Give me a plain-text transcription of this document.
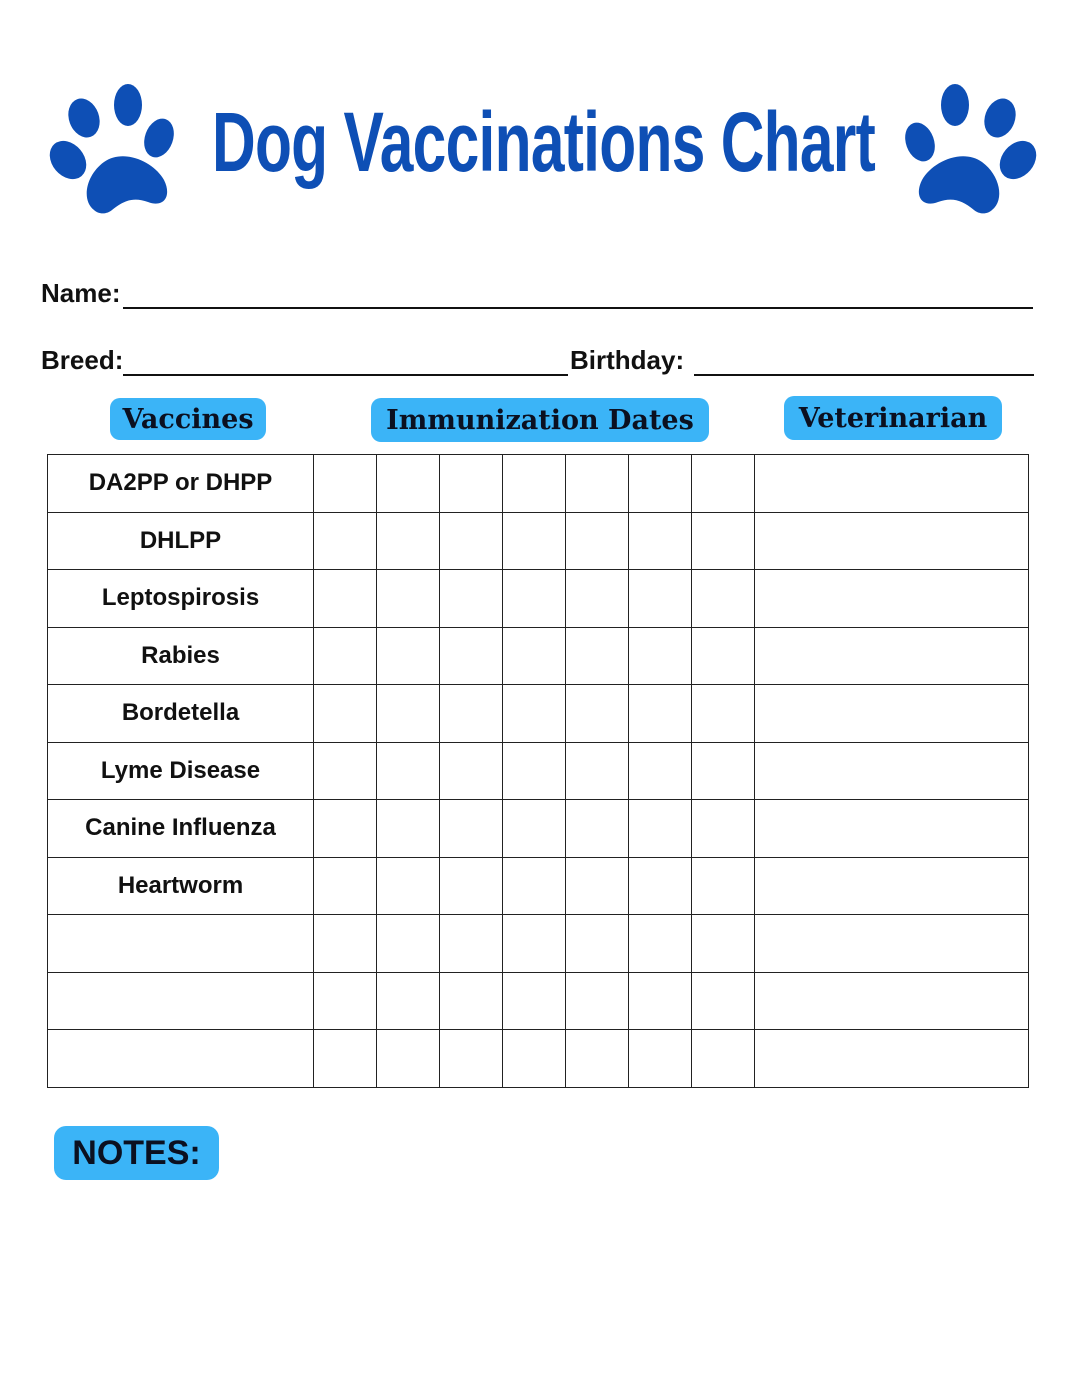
Dog Vaccinations Chart
Name:
Breed:	Birthday:
Vaccines	Immunization Dates	Veterinarian
DA2PP or DHPP								
DHLPP								
Leptospirosis								
Rabies								
Bordetella								
Lyme Disease								
Canine Influenza								
Heartworm								

NOTES:
